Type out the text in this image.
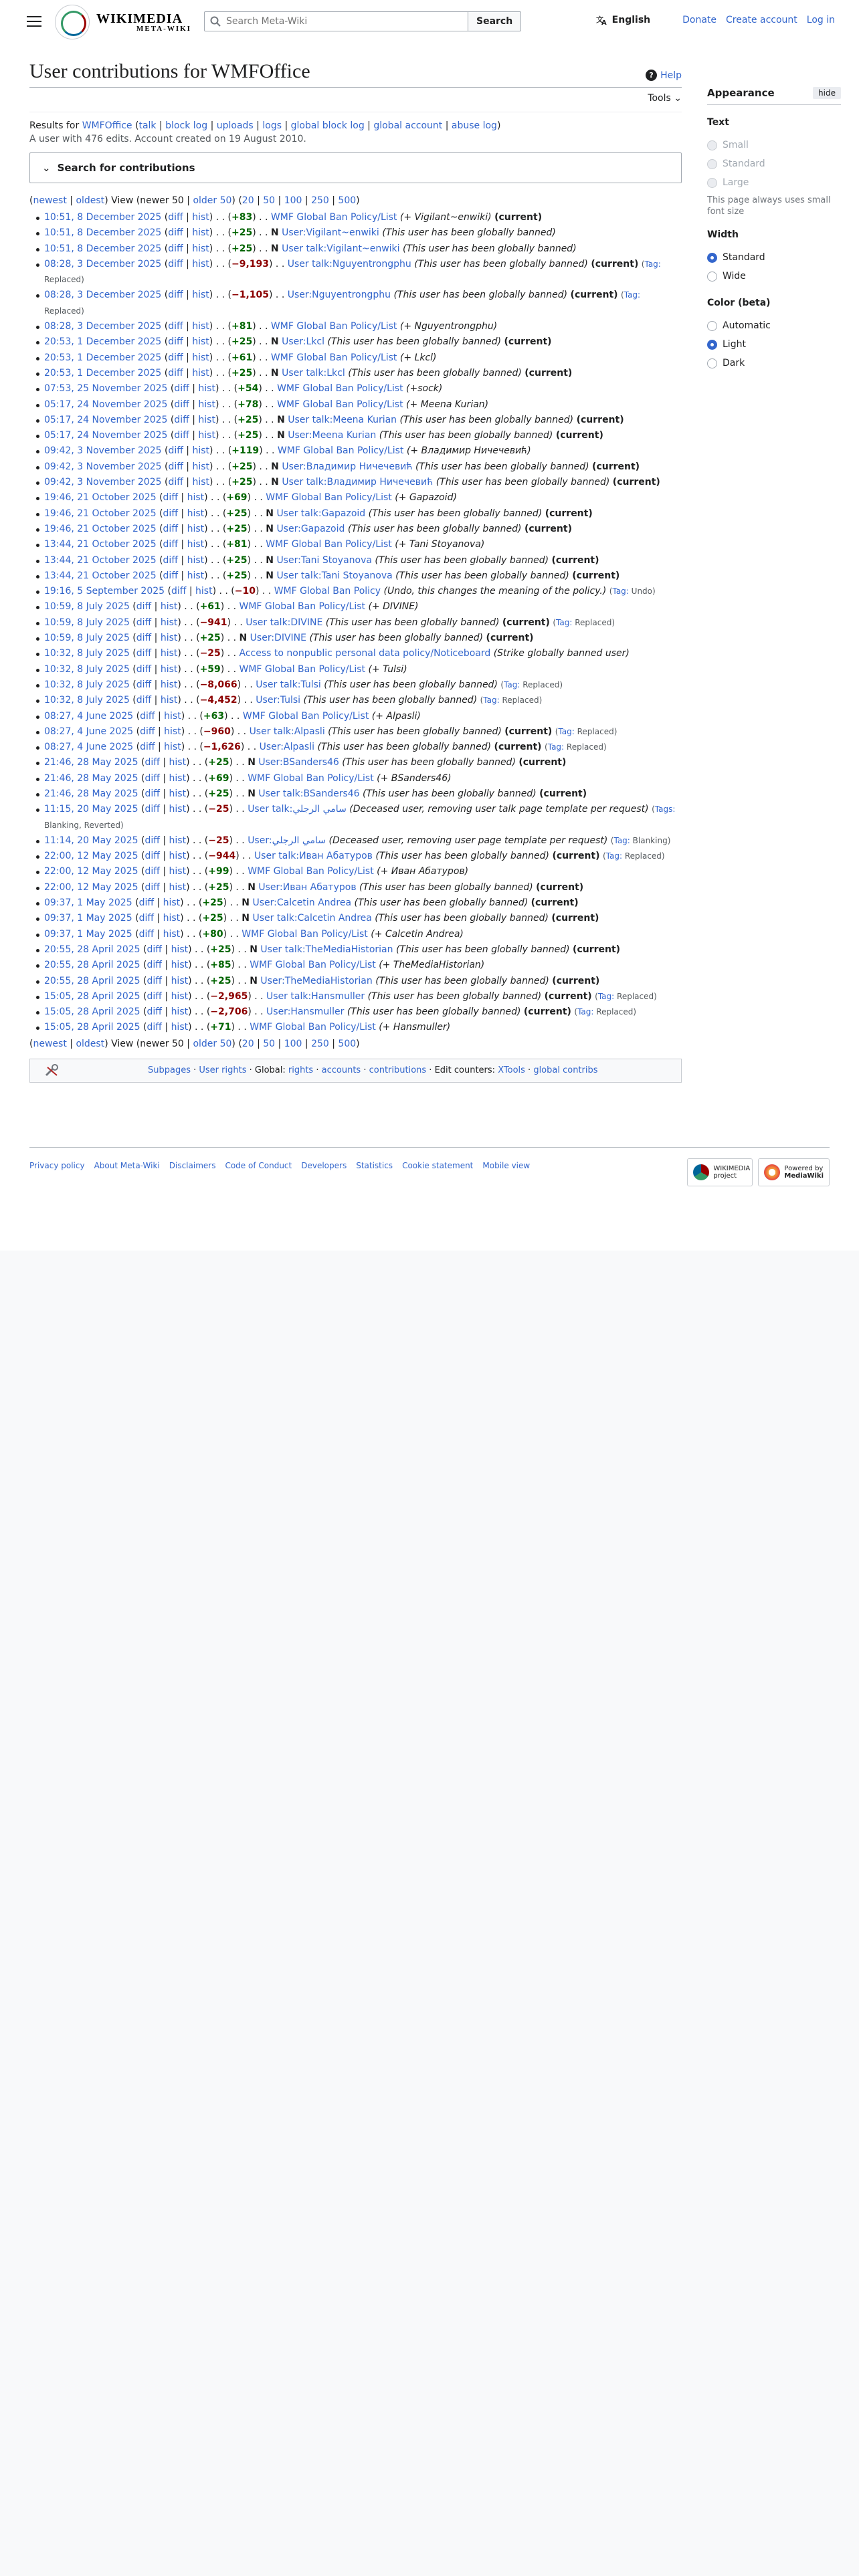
WIKIMEDIA
META-WIKI
Search Meta-Wiki
Search	文
A English	Donate Create account Log in
User contributions for WMFOffice	? Help
Tools ⌄
Results for WMFOffice (talk | block log | uploads | logs | global block log | global account | abuse log)
A user with 476 edits. Account created on 19 August 2010.
⌄ Search for contributions
(newest | oldest) View (newer 50 | older 50) (20 | 50 | 100 | 250 | 500)
10:51, 8 December 2025 (diff | hist) . . (+83) . . WMF Global Ban Policy/List (+ Vigilant~enwiki) (current)
10:51, 8 December 2025 (diff | hist) . . (+25) . . N User:Vigilant~enwiki (This user has been globally banned)
10:51, 8 December 2025 (diff | hist) . . (+25) . . N User talk:Vigilant~enwiki (This user has been globally banned)
08:28, 3 December 2025 (diff | hist) . . (−9,193) . . User talk:Nguyentrongphu (This user has been globally banned) (current) (Tag: Replaced)
08:28, 3 December 2025 (diff | hist) . . (−1,105) . . User:Nguyentrongphu (This user has been globally banned) (current) (Tag: Replaced)
08:28, 3 December 2025 (diff | hist) . . (+81) . . WMF Global Ban Policy/List (+ Nguyentrongphu)
20:53, 1 December 2025 (diff | hist) . . (+25) . . N User:Lkcl (This user has been globally banned) (current)
20:53, 1 December 2025 (diff | hist) . . (+61) . . WMF Global Ban Policy/List (+ Lkcl)
20:53, 1 December 2025 (diff | hist) . . (+25) . . N User talk:Lkcl (This user has been globally banned) (current)
07:53, 25 November 2025 (diff | hist) . . (+54) . . WMF Global Ban Policy/List (+sock)
05:17, 24 November 2025 (diff | hist) . . (+78) . . WMF Global Ban Policy/List (+ Meena Kurian)
05:17, 24 November 2025 (diff | hist) . . (+25) . . N User talk:Meena Kurian (This user has been globally banned) (current)
05:17, 24 November 2025 (diff | hist) . . (+25) . . N User:Meena Kurian (This user has been globally banned) (current)
09:42, 3 November 2025 (diff | hist) . . (+119) . . WMF Global Ban Policy/List (+ Владимир Ничечевић)
09:42, 3 November 2025 (diff | hist) . . (+25) . . N User:Владимир Ничечевић (This user has been globally banned) (current)
09:42, 3 November 2025 (diff | hist) . . (+25) . . N User talk:Владимир Ничечевић (This user has been globally banned) (current)
19:46, 21 October 2025 (diff | hist) . . (+69) . . WMF Global Ban Policy/List (+ Gapazoid)
19:46, 21 October 2025 (diff | hist) . . (+25) . . N User talk:Gapazoid (This user has been globally banned) (current)
19:46, 21 October 2025 (diff | hist) . . (+25) . . N User:Gapazoid (This user has been globally banned) (current)
13:44, 21 October 2025 (diff | hist) . . (+81) . . WMF Global Ban Policy/List (+ Tani Stoyanova)
13:44, 21 October 2025 (diff | hist) . . (+25) . . N User:Tani Stoyanova (This user has been globally banned) (current)
13:44, 21 October 2025 (diff | hist) . . (+25) . . N User talk:Tani Stoyanova (This user has been globally banned) (current)
19:16, 5 September 2025 (diff | hist) . . (−10) . . WMF Global Ban Policy (Undo, this changes the meaning of the policy.) (Tag: Undo)
10:59, 8 July 2025 (diff | hist) . . (+61) . . WMF Global Ban Policy/List (+ DIVINE)
10:59, 8 July 2025 (diff | hist) . . (−941) . . User talk:DIVINE (This user has been globally banned) (current) (Tag: Replaced)
10:59, 8 July 2025 (diff | hist) . . (+25) . . N User:DIVINE (This user has been globally banned) (current)
10:32, 8 July 2025 (diff | hist) . . (−25) . . Access to nonpublic personal data policy/Noticeboard (Strike globally banned user)
10:32, 8 July 2025 (diff | hist) . . (+59) . . WMF Global Ban Policy/List (+ Tulsi)
10:32, 8 July 2025 (diff | hist) . . (−8,066) . . User talk:Tulsi (This user has been globally banned) (Tag: Replaced)
10:32, 8 July 2025 (diff | hist) . . (−4,452) . . User:Tulsi (This user has been globally banned) (Tag: Replaced)
08:27, 4 June 2025 (diff | hist) . . (+63) . . WMF Global Ban Policy/List (+ Alpasli)
08:27, 4 June 2025 (diff | hist) . . (−960) . . User talk:Alpasli (This user has been globally banned) (current) (Tag: Replaced)
08:27, 4 June 2025 (diff | hist) . . (−1,626) . . User:Alpasli (This user has been globally banned) (current) (Tag: Replaced)
21:46, 28 May 2025 (diff | hist) . . (+25) . . N User:BSanders46 (This user has been globally banned) (current)
21:46, 28 May 2025 (diff | hist) . . (+69) . . WMF Global Ban Policy/List (+ BSanders46)
21:46, 28 May 2025 (diff | hist) . . (+25) . . N User talk:BSanders46 (This user has been globally banned) (current)
11:15, 20 May 2025 (diff | hist) . . (−25) . . User talk:سامي الرجلي (Deceased user, removing user talk page template per request) (Tags: Blanking, Reverted)
11:14, 20 May 2025 (diff | hist) . . (−25) . . User:سامي الرجلي (Deceased user, removing user page template per request) (Tag: Blanking)
22:00, 12 May 2025 (diff | hist) . . (−944) . . User talk:Иван Абатуров (This user has been globally banned) (current) (Tag: Replaced)
22:00, 12 May 2025 (diff | hist) . . (+99) . . WMF Global Ban Policy/List (+ Иван Абатуров)
22:00, 12 May 2025 (diff | hist) . . (+25) . . N User:Иван Абатуров (This user has been globally banned) (current)
09:37, 1 May 2025 (diff | hist) . . (+25) . . N User:Calcetin Andrea (This user has been globally banned) (current)
09:37, 1 May 2025 (diff | hist) . . (+25) . . N User talk:Calcetin Andrea (This user has been globally banned) (current)
09:37, 1 May 2025 (diff | hist) . . (+80) . . WMF Global Ban Policy/List (+ Calcetin Andrea)
20:55, 28 April 2025 (diff | hist) . . (+25) . . N User talk:TheMediaHistorian (This user has been globally banned) (current)
20:55, 28 April 2025 (diff | hist) . . (+85) . . WMF Global Ban Policy/List (+ TheMediaHistorian)
20:55, 28 April 2025 (diff | hist) . . (+25) . . N User:TheMediaHistorian (This user has been globally banned) (current)
15:05, 28 April 2025 (diff | hist) . . (−2,965) . . User talk:Hansmuller (This user has been globally banned) (current) (Tag: Replaced)
15:05, 28 April 2025 (diff | hist) . . (−2,706) . . User:Hansmuller (This user has been globally banned) (current) (Tag: Replaced)
15:05, 28 April 2025 (diff | hist) . . (+71) . . WMF Global Ban Policy/List (+ Hansmuller)
(newest | oldest) View (newer 50 | older 50) (20 | 50 | 100 | 250 | 500)
Subpages · User rights · Global:
rights · accounts · contributions · Edit counters:
XTools · global contribs
Appearance	hide
Text
Small
Standard
Large
This page always uses small font size
Width
Standard
Wide
Color (beta)
Automatic
Light
Dark
Privacy policy About Meta-Wiki Disclaimers Code of Conduct Developers Statistics Cookie statement Mobile view	WIKIMEDIA project
Powered by
MediaWiki
